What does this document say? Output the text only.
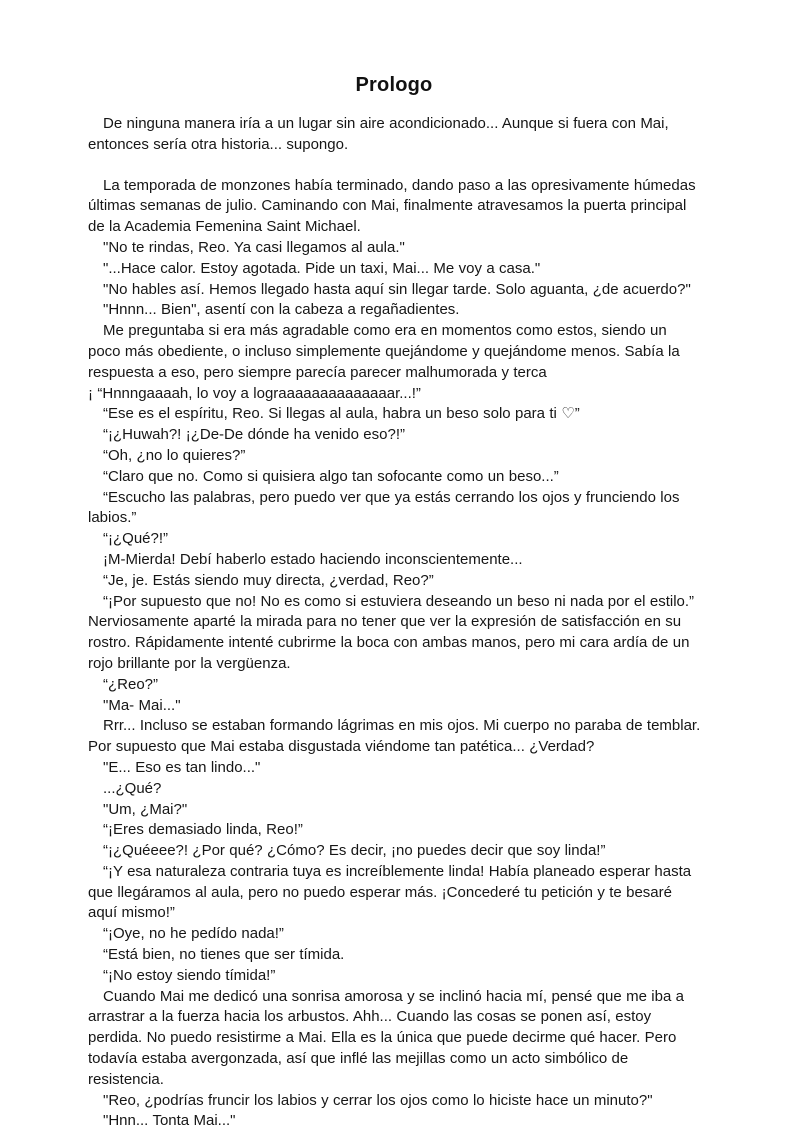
Prologo

De ninguna manera iría a un lugar sin aire acondicionado... Aunque si fuera con Mai, entonces sería otra historia... supongo.

La temporada de monzones había terminado, dando paso a las opresivamente húmedas últimas semanas de julio. Caminando con Mai, finalmente atravesamos la puerta principal de la Academia Femenina Saint Michael.

"No te rindas, Reo. Ya casi llegamos al aula."

"...Hace calor. Estoy agotada. Pide un taxi, Mai... Me voy a casa."

"No hables así. Hemos llegado hasta aquí sin llegar tarde. Solo aguanta, ¿de acuerdo?"

"Hnnn... Bien", asentí con la cabeza a regañadientes.

Me preguntaba si era más agradable como era en momentos como estos, siendo un poco más obediente, o incluso simplemente quejándome y quejándome menos. Sabía la respuesta a eso, pero siempre parecía parecer malhumorada y terca

¡ “Hnnngaaaah, lo voy a lograaaaaaaaaaaaaar...!”

“Ese es el espíritu, Reo. Si llegas al aula, habra un beso solo para ti ♡”

“¡¿Huwah?! ¡¿De-De dónde ha venido eso?!”

“Oh, ¿no lo quieres?”

“Claro que no. Como si quisiera algo tan sofocante como un beso...”

“Escucho las palabras, pero puedo ver que ya estás cerrando los ojos y frunciendo los labios.”

“¡¿Qué?!”

¡M-Mierda! Debí haberlo estado haciendo inconscientemente...

“Je, je. Estás siendo muy directa, ¿verdad, Reo?”

“¡Por supuesto que no! No es como si estuviera deseando un beso ni nada por el estilo.” Nerviosamente aparté la mirada para no tener que ver la expresión de satisfacción en su rostro. Rápidamente intenté cubrirme la boca con ambas manos, pero mi cara ardía de un rojo brillante por la vergüenza.

“¿Reo?”

"Ma- Mai..."

Rrr... Incluso se estaban formando lágrimas en mis ojos. Mi cuerpo no paraba de temblar. Por supuesto que Mai estaba disgustada viéndome tan patética... ¿Verdad?

"E... Eso es tan lindo..."

...¿Qué?

"Um, ¿Mai?"

“¡Eres demasiado linda, Reo!”

“¡¿Quéeee?! ¿Por qué? ¿Cómo? Es decir, ¡no puedes decir que soy linda!”

“¡Y esa naturaleza contraria tuya es increíblemente linda! Había planeado esperar hasta que llegáramos al aula, pero no puedo esperar más. ¡Concederé tu petición y te besaré aquí mismo!”

“¡Oye, no he pedído nada!”

“Está bien, no tienes que ser tímida.

“¡No estoy siendo tímida!”

Cuando Mai me dedicó una sonrisa amorosa y se inclinó hacia mí, pensé que me iba a arrastrar a la fuerza hacia los arbustos. Ahh... Cuando las cosas se ponen así, estoy perdida. No puedo resistirme a Mai. Ella es la única que puede decirme qué hacer. Pero todavía estaba avergonzada, así que inflé las mejillas como un acto simbólico de resistencia.

"Reo, ¿podrías fruncir los labios y cerrar los ojos como lo hiciste hace un minuto?"

"Hnn... Tonta Mai..."
